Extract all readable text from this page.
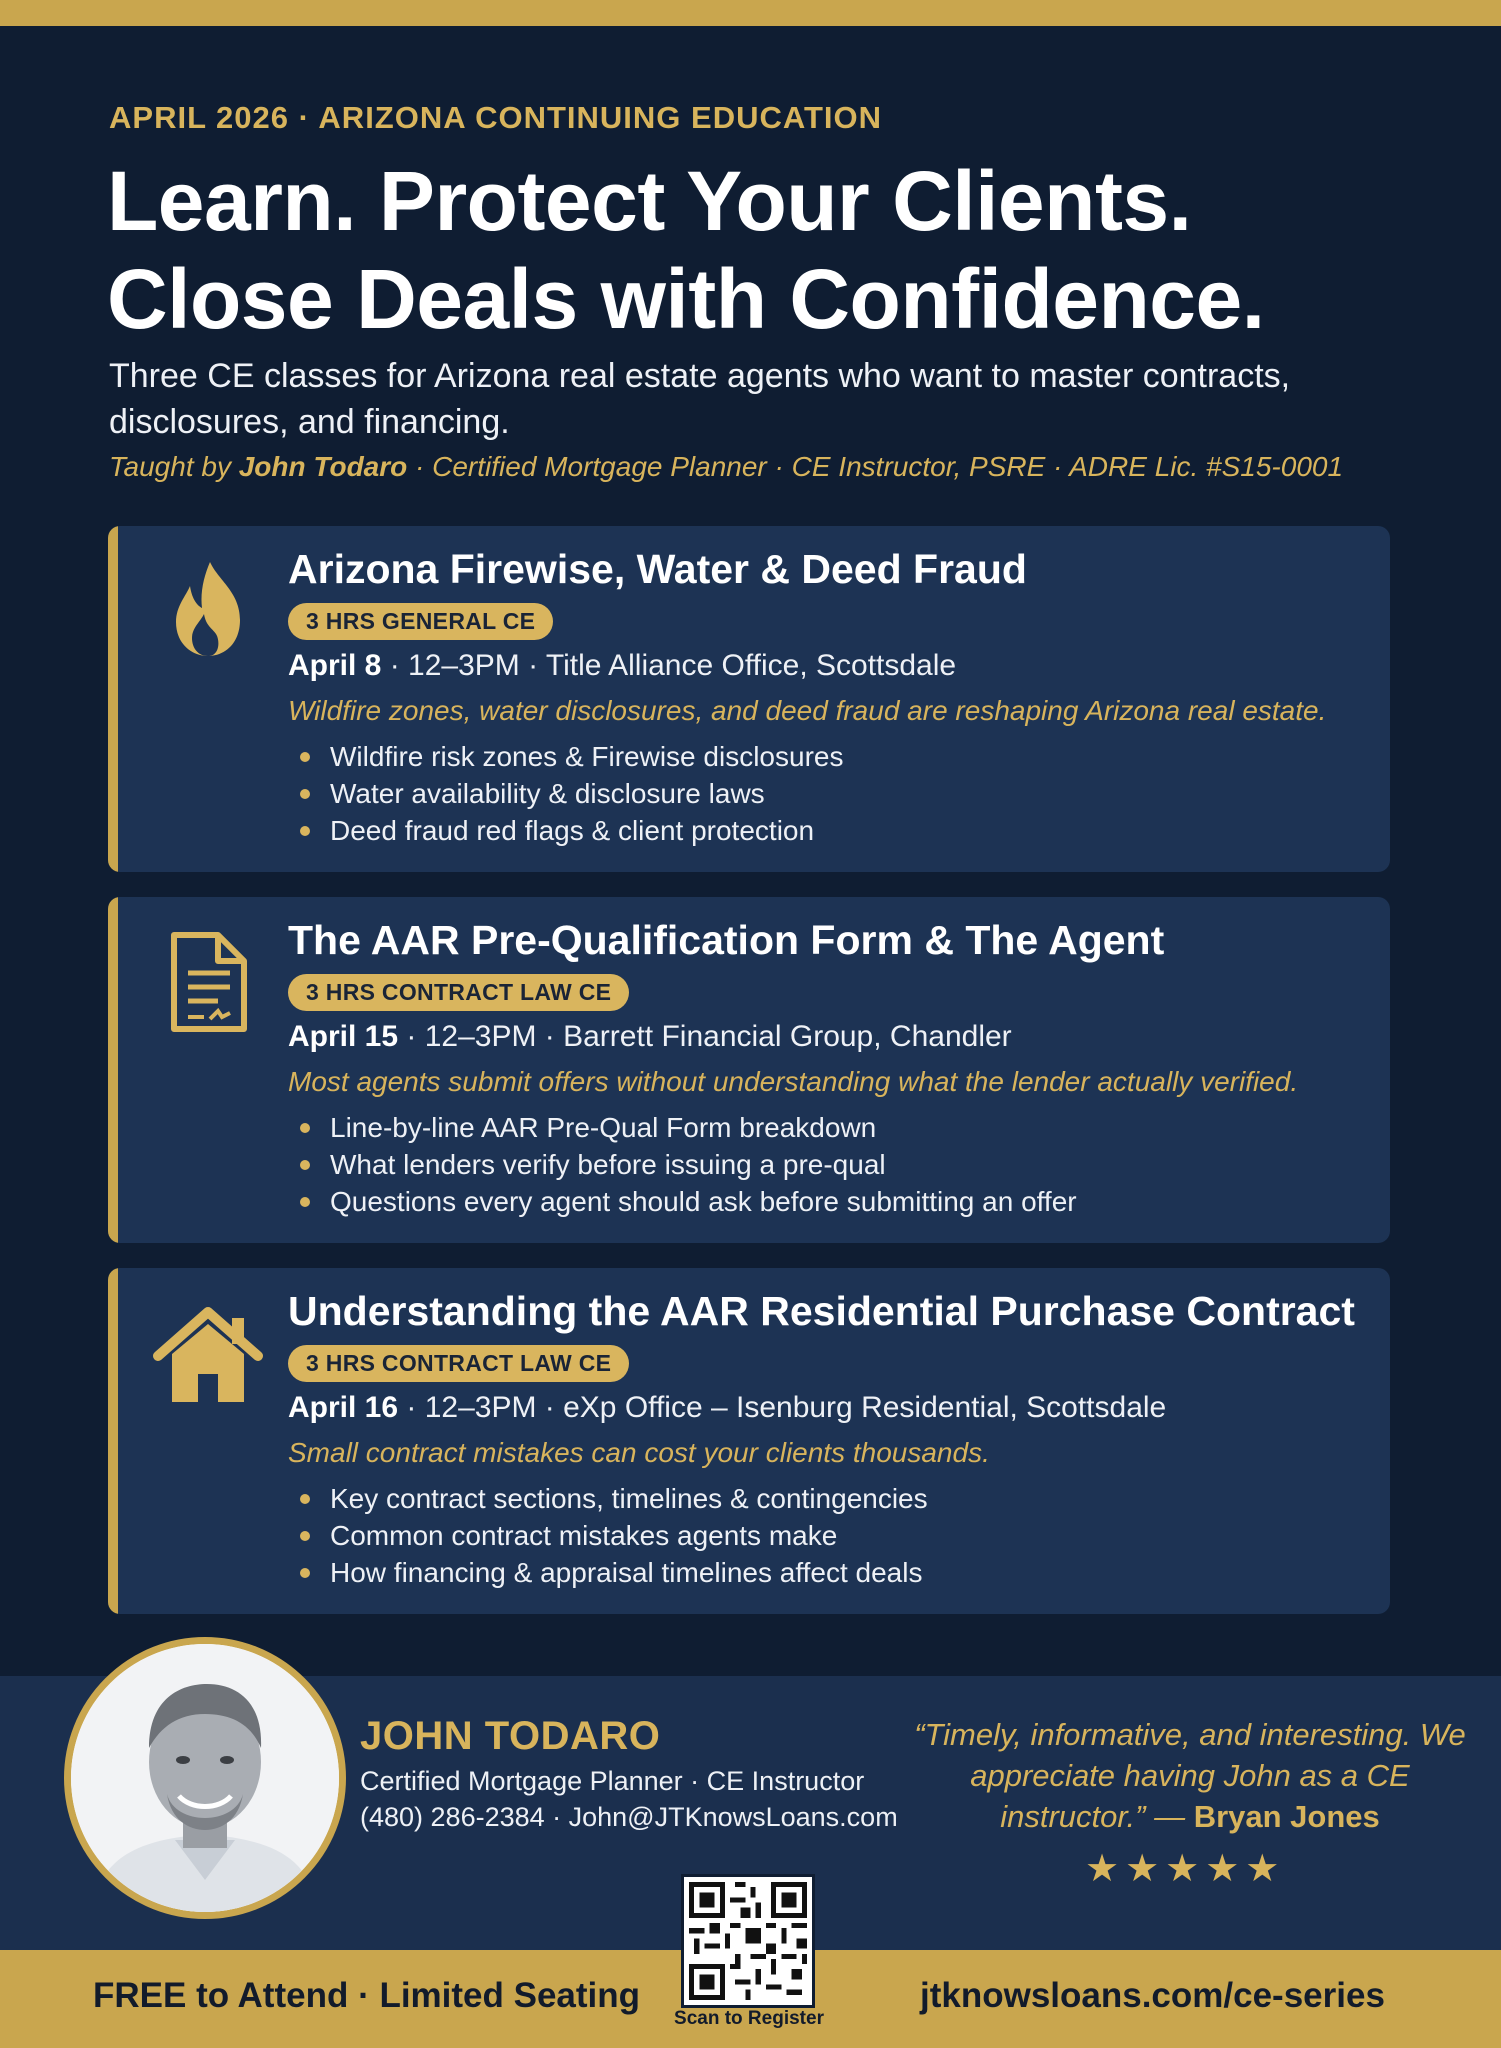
APRIL 2026 · ARIZONA CONTINUING EDUCATION
Learn. Protect Your Clients.
Close Deals with Confidence.
Three CE classes for Arizona real estate agents who want to master contracts, disclosures, and financing.
Taught by John Todaro · Certified Mortgage Planner · CE Instructor, PSRE · ADRE Lic. #S15-0001
Arizona Firewise, Water & Deed Fraud
3 HRS GENERAL CE
April 8 · 12–3PM · Title Alliance Office, Scottsdale
Wildfire zones, water disclosures, and deed fraud are reshaping Arizona real estate.
Wildfire risk zones & Firewise disclosures
Water availability & disclosure laws
Deed fraud red flags & client protection
The AAR Pre-Qualification Form & The Agent
3 HRS CONTRACT LAW CE
April 15 · 12–3PM · Barrett Financial Group, Chandler
Most agents submit offers without understanding what the lender actually verified.
Line-by-line AAR Pre-Qual Form breakdown
What lenders verify before issuing a pre-qual
Questions every agent should ask before submitting an offer
Understanding the AAR Residential Purchase Contract
3 HRS CONTRACT LAW CE
April 16 · 12–3PM · eXp Office – Isenburg Residential, Scottsdale
Small contract mistakes can cost your clients thousands.
Key contract sections, timelines & contingencies
Common contract mistakes agents make
How financing & appraisal timelines affect deals
JOHN TODARO
Certified Mortgage Planner · CE Instructor
(480) 286-2384 · John@JTKnowsLoans.com
“Timely, informative, and interesting. We appreciate having John as a CE instructor.” — Bryan Jones
★★★★★
FREE to Attend · Limited Seating	jtknowsloans.com/ce-series
Scan to Register
